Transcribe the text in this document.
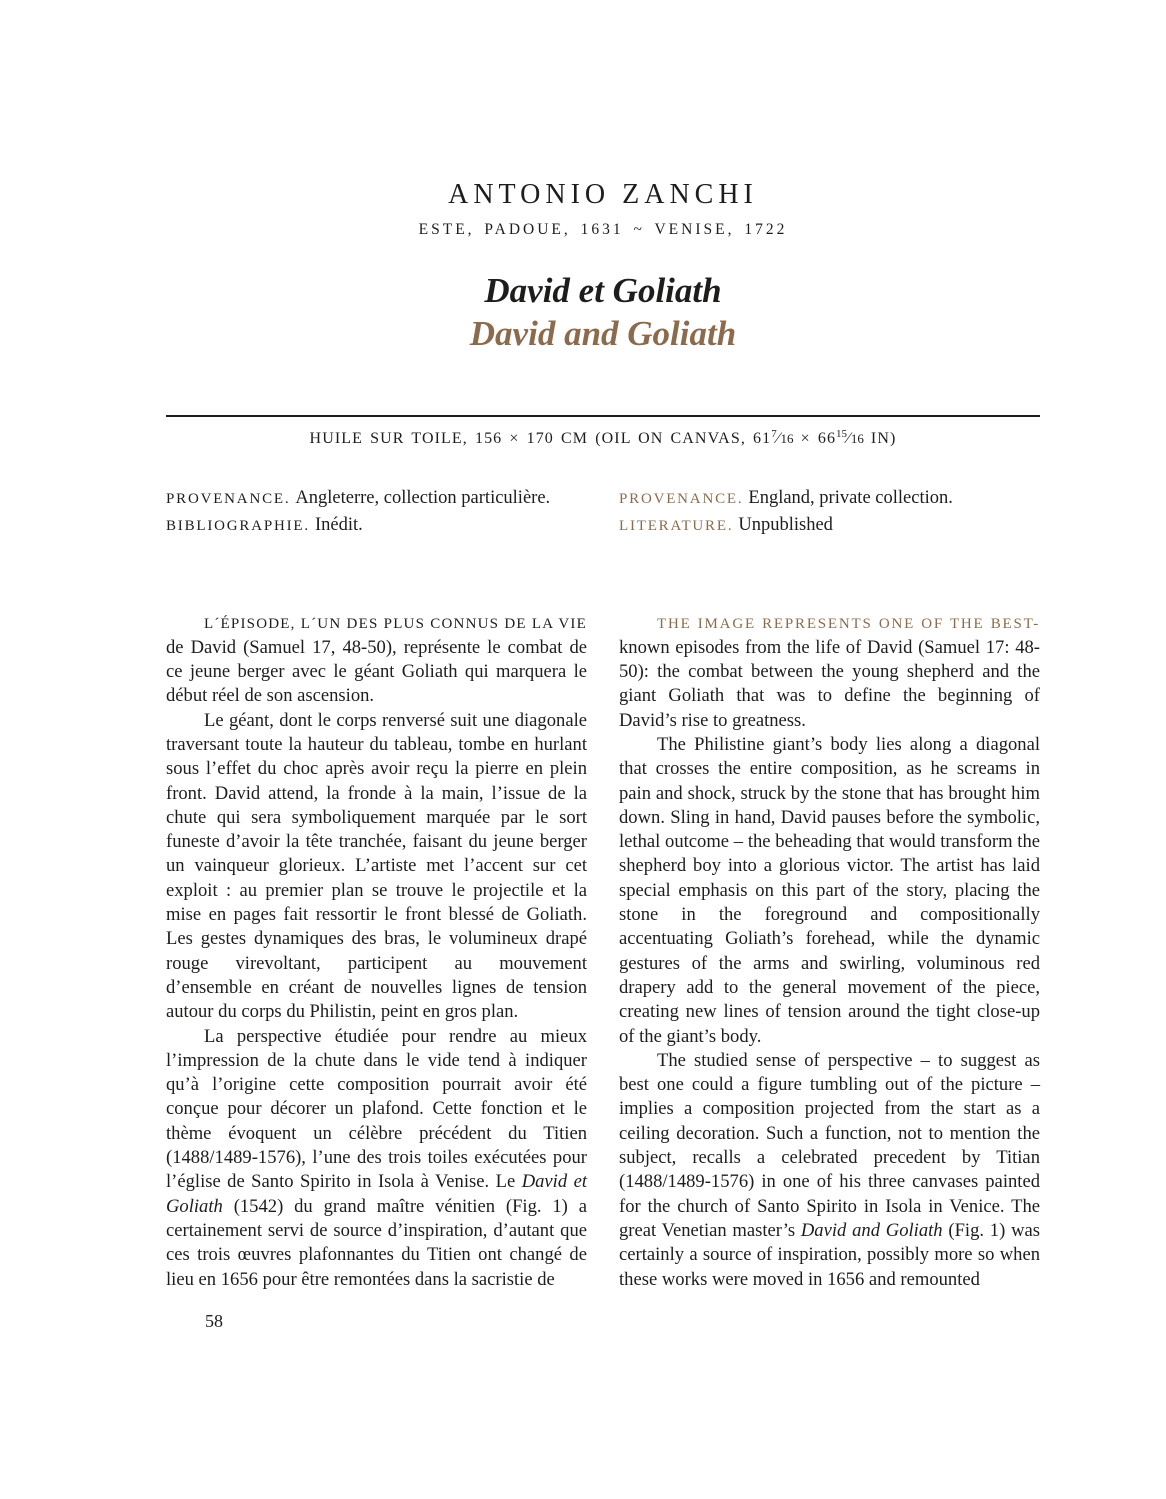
ANTONIO ZANCHI
ESTE, PADOUE, 1631 ~ VENISE, 1722
David et Goliath
David and Goliath
HUILE SUR TOILE, 156 × 170 CM (OIL ON CANVAS, $61^7⁄16$ × $66^{15}⁄16$ IN)

PROVENANCE. Angleterre, collection particulière.

BIBLIOGRAPHIE. Inédit.

PROVENANCE. England, private collection.

LITERATURE. Unpublished

L´ÉPISODE, L´UN DES PLUS CONNUS DE LA VIE de David (Samuel 17, 48-50), représente le combat de ce jeune berger avec le géant Goliath qui marquera le début réel de son ascension.

Le géant, dont le corps renversé suit une diagonale traversant toute la hauteur du tableau, tombe en hurlant sous l’effet du choc après avoir reçu la pierre en plein front. David attend, la fronde à la main, l’issue de la chute qui sera symboliquement marquée par le sort funeste d’avoir la tête tranchée, faisant du jeune berger un vainqueur glorieux. L’artiste met l’accent sur cet exploit : au premier plan se trouve le projectile et la mise en pages fait ressortir le front blessé de Goliath. Les gestes dynamiques des bras, le volumineux drapé rouge virevoltant, participent au mouvement d’ensemble en créant de nouvelles lignes de tension autour du corps du Philistin, peint en gros plan.

La perspective étudiée pour rendre au mieux l’impression de la chute dans le vide tend à indiquer qu’à l’origine cette composition pourrait avoir été conçue pour décorer un plafond. Cette fonction et le thème évoquent un célèbre précédent du Titien (1488/1489-1576), l’une des trois toiles exécutées pour l’église de Santo Spirito in Isola à Venise. Le David et Goliath (1542) du grand maître vénitien (Fig. 1) a certainement servi de source d’inspiration, d’autant que ces trois œuvres plafonnantes du Titien ont changé de lieu en 1656 pour être remontées dans la sacristie de

THE IMAGE REPRESENTS ONE OF THE BEST-known episodes from the life of David (Samuel 17: 48-50): the combat between the young shepherd and the giant Goliath that was to define the beginning of David’s rise to greatness.

The Philistine giant’s body lies along a diagonal that crosses the entire composition, as he screams in pain and shock, struck by the stone that has brought him down. Sling in hand, David pauses before the symbolic, lethal outcome – the beheading that would transform the shepherd boy into a glorious victor. The artist has laid special emphasis on this part of the story, placing the stone in the foreground and compositionally accentuating Goliath’s forehead, while the dynamic gestures of the arms and swirling, voluminous red drapery add to the general movement of the piece, creating new lines of tension around the tight close-up of the giant’s body.

The studied sense of perspective – to suggest as best one could a figure tumbling out of the picture – implies a composition projected from the start as a ceiling decoration. Such a function, not to mention the subject, recalls a celebrated precedent by Titian (1488/1489-1576) in one of his three canvases painted for the church of Santo Spirito in Isola in Venice. The great Venetian master’s David and Goliath (Fig. 1) was certainly a source of inspiration, possibly more so when these works were moved in 1656 and remounted

58
